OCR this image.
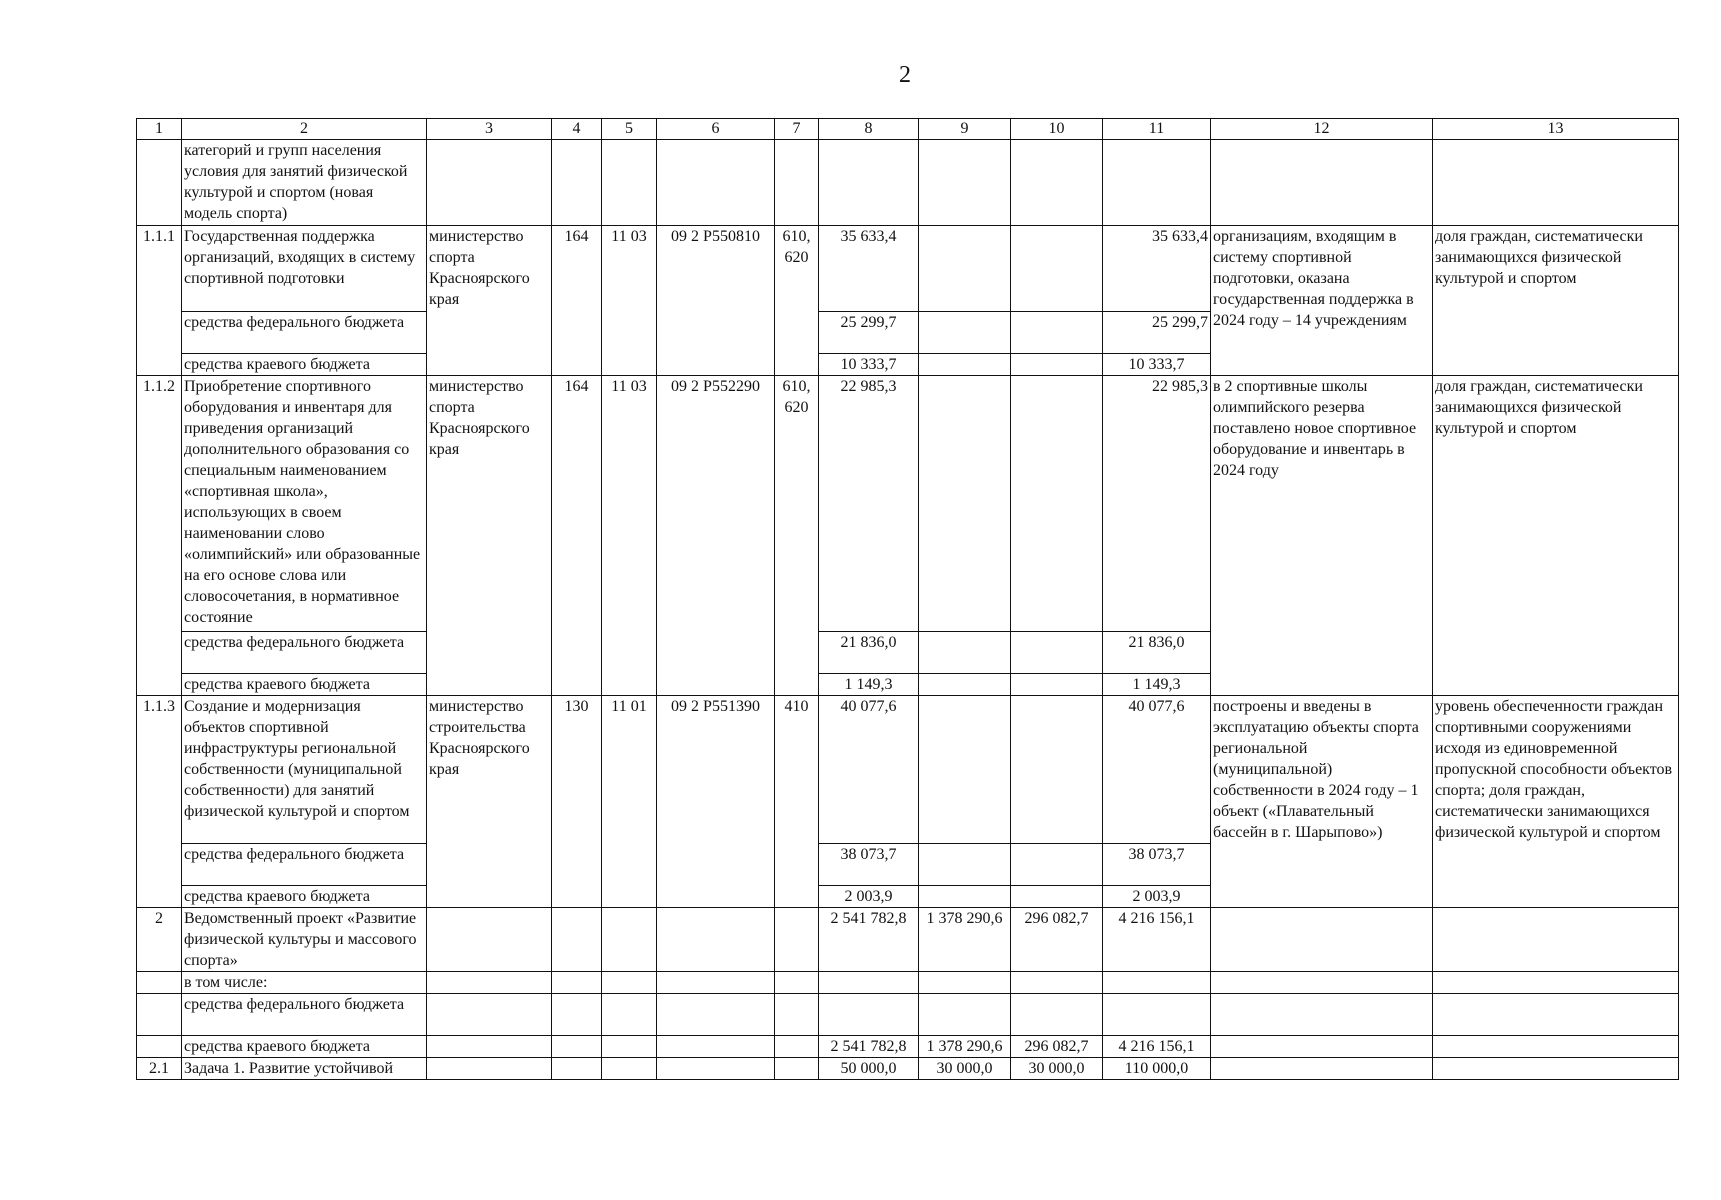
2
1	2	3	4	5	6	7	8	9	10	11	12	13
	категорий и групп населения условия для занятий физической культурой и спортом (новая модель спорта)											
1.1.1	Государственная поддержка организаций, входящих в систему спортивной подготовки	министерство спорта Красноярского края	164	11 03	09 2 Р550810	610, 620	35 633,4			35 633,4	организациям, входящим в систему спортивной подготовки, оказана государственная поддержка в 2024 году – 14 учреждениям	доля граждан, систематически занимающихся физической культурой и спортом
	средства федерального бюджета						25 299,7			25 299,7		
	средства краевого бюджета						10 333,7			10 333,7		
1.1.2	Приобретение спортивного оборудования и инвентаря для приведения организаций дополнительного образования со специальным наименованием «спортивная школа», использующих в своем наименовании слово «олимпийский» или образованные на его основе слова или словосочетания, в нормативное состояние	министерство спорта Красноярского края	164	11 03	09 2 Р552290	610, 620	22 985,3			22 985,3	в 2 спортивные школы олимпийского резерва поставлено новое спортивное оборудование и инвентарь в 2024 году	доля граждан, систематически занимающихся физической культурой и спортом
	средства федерального бюджета						21 836,0			21 836,0		
	средства краевого бюджета						1 149,3			1 149,3		
1.1.3	Создание и модернизация объектов спортивной инфраструктуры региональной собственности (муниципальной собственности) для занятий физической культурой и спортом	министерство строительства Красноярского края	130	11 01	09 2 Р551390	410	40 077,6			40 077,6	построены и введены в эксплуатацию объекты спорта региональной (муниципальной) собственности в 2024 году – 1 объект («Плавательный бассейн в г. Шарыпово»)	уровень обеспеченности граждан спортивными сооружениями исходя из единовременной пропускной способности объектов спорта; доля граждан, систематически занимающихся физической культурой и спортом
	средства федерального бюджета						38 073,7			38 073,7		
	средства краевого бюджета						2 003,9			2 003,9		
2	Ведомственный проект «Развитие физической культуры и массового спорта»						2 541 782,8	1 378 290,6	296 082,7	4 216 156,1		
	в том числе:											
	средства федерального бюджета											
	средства краевого бюджета						2 541 782,8	1 378 290,6	296 082,7	4 216 156,1		
2.1	Задача 1. Развитие устойчивой						50 000,0	30 000,0	30 000,0	110 000,0		
